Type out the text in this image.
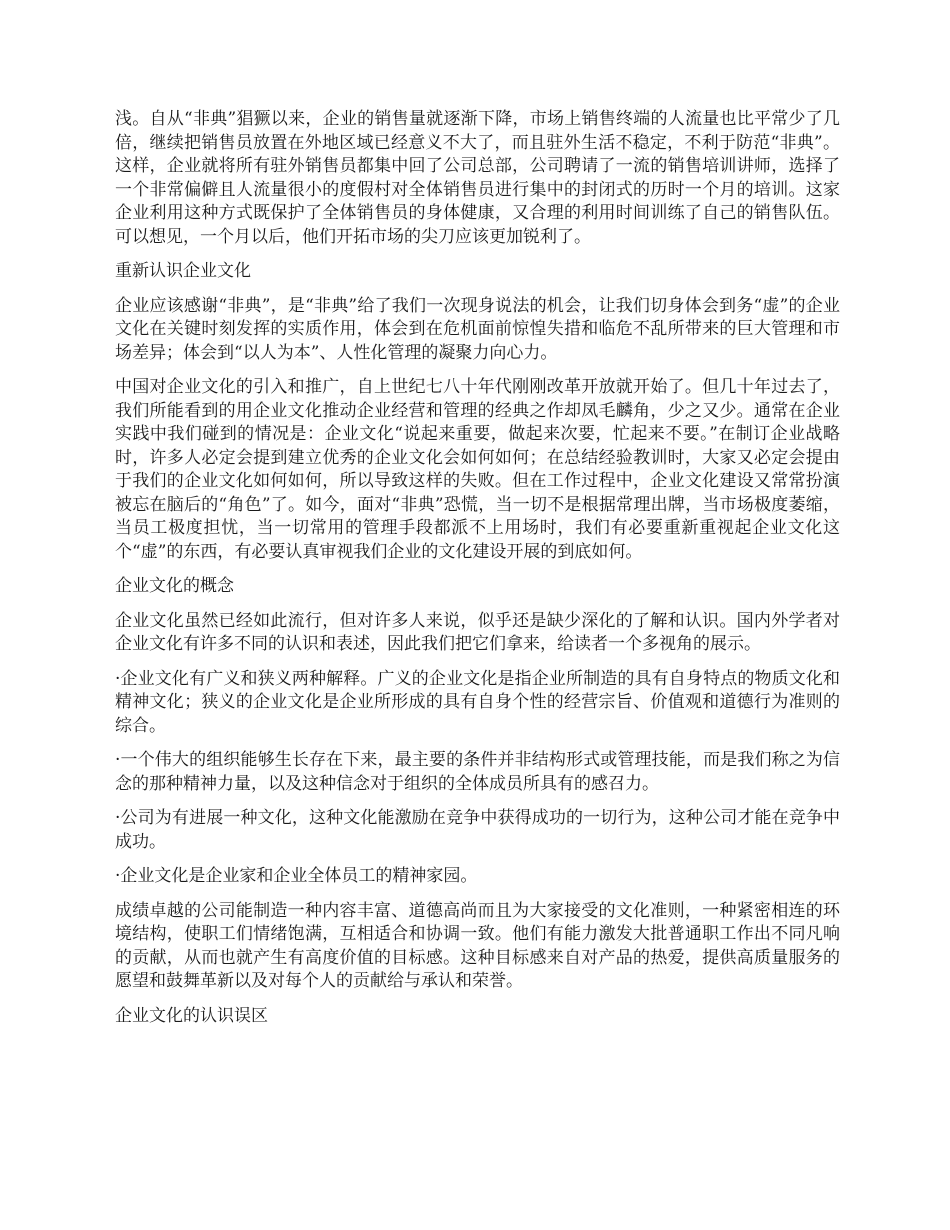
浅。自从“非典”猖獗以来，企业的销售量就逐渐下降，市场上销售终端的人流量也比平常少了几倍，继续把销售员放置在外地区域已经意义不大了，而且驻外生活不稳定，不利于防范“非典”。这样，企业就将所有驻外销售员都集中回了公司总部，公司聘请了一流的销售培训讲师，选择了一个非常偏僻且人流量很小的度假村对全体销售员进行集中的封闭式的历时一个月的培训。这家企业利用这种方式既保护了全体销售员的身体健康，又合理的利用时间训练了自己的销售队伍。可以想见，一个月以后，他们开拓市场的尖刀应该更加锐利了。

重新认识企业文化

企业应该感谢“非典”，是“非典”给了我们一次现身说法的机会，让我们切身体会到务“虚”的企业文化在关键时刻发挥的实质作用，体会到在危机面前惊惶失措和临危不乱所带来的巨大管理和市场差异；体会到“以人为本”、人性化管理的凝聚力向心力。

中国对企业文化的引入和推广，自上世纪七八十年代刚刚改革开放就开始了。但几十年过去了，我们所能看到的用企业文化推动企业经营和管理的经典之作却凤毛麟角，少之又少。通常在企业实践中我们碰到的情况是：企业文化“说起来重要，做起来次要，忙起来不要。”在制订企业战略时，许多人必定会提到建立优秀的企业文化会如何如何；在总结经验教训时，大家又必定会提由于我们的企业文化如何如何，所以导致这样的失败。但在工作过程中，企业文化建设又常常扮演被忘在脑后的“角色”了。如今，面对“非典”恐慌，当一切不是根据常理出牌，当市场极度萎缩，当员工极度担忧，当一切常用的管理手段都派不上用场时，我们有必要重新重视起企业文化这个“虚”的东西，有必要认真审视我们企业的文化建设开展的到底如何。

企业文化的概念

企业文化虽然已经如此流行，但对许多人来说，似乎还是缺少深化的了解和认识。国内外学者对企业文化有许多不同的认识和表述，因此我们把它们拿来，给读者一个多视角的展示。

·企业文化有广义和狭义两种解释。广义的企业文化是指企业所制造的具有自身特点的物质文化和精神文化；狭义的企业文化是企业所形成的具有自身个性的经营宗旨、价值观和道德行为准则的综合。

·一个伟大的组织能够生长存在下来，最主要的条件并非结构形式或管理技能，而是我们称之为信念的那种精神力量，以及这种信念对于组织的全体成员所具有的感召力。

·公司为有进展一种文化，这种文化能激励在竞争中获得成功的一切行为，这种公司才能在竞争中成功。

·企业文化是企业家和企业全体员工的精神家园。

成绩卓越的公司能制造一种内容丰富、道德高尚而且为大家接受的文化准则，一种紧密相连的环境结构，使职工们情绪饱满，互相适合和协调一致。他们有能力激发大批普通职工作出不同凡响的贡献，从而也就产生有高度价值的目标感。这种目标感来自对产品的热爱，提供高质量服务的愿望和鼓舞革新以及对每个人的贡献给与承认和荣誉。

企业文化的认识误区
